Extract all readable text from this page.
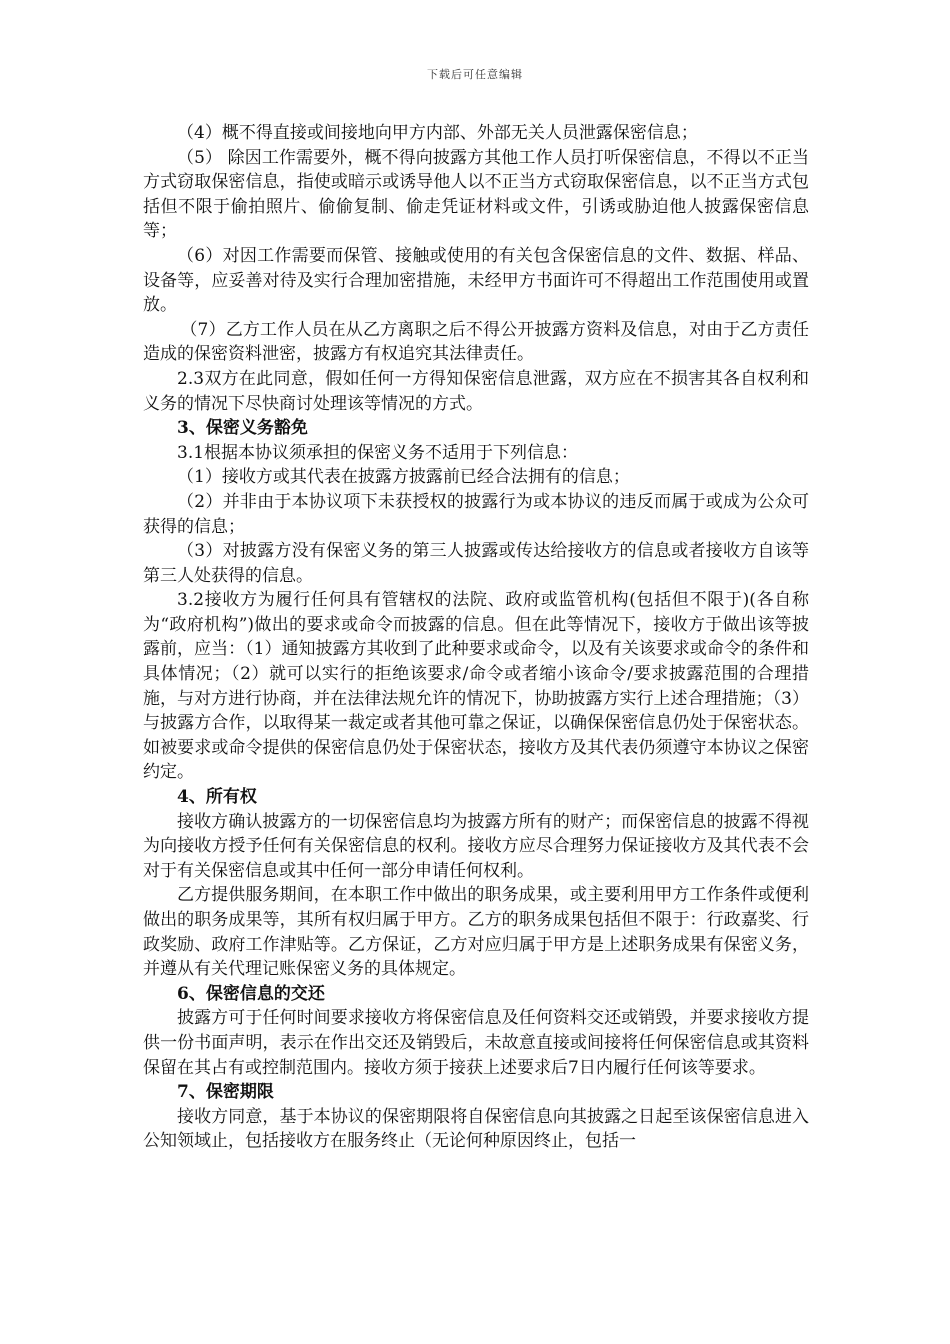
下载后可任意编辑

（4）概不得直接或间接地向甲方内部、外部无关人员泄露保密信息；

（5） 除因工作需要外，概不得向披露方其他工作人员打听保密信息，不得以不正当方式窃取保密信息，指使或暗示或诱导他人以不正当方式窃取保密信息，以不正当方式包括但不限于偷拍照片、偷偷复制、偷走凭证材料或文件，引诱或胁迫他人披露保密信息等；

（6）对因工作需要而保管、接触或使用的有关包含保密信息的文件、数据、样品、设备等，应妥善对待及实行合理加密措施，未经甲方书面许可不得超出工作范围使用或置放。

（7）乙方工作人员在从乙方离职之后不得公开披露方资料及信息，对由于乙方责任造成的保密资料泄密，披露方有权追究其法律责任。

2.3双方在此同意，假如任何一方得知保密信息泄露，双方应在不损害其各自权利和义务的情况下尽快商讨处理该等情况的方式。

3、保密义务豁免

3.1根据本协议须承担的保密义务不适用于下列信息：

（1）接收方或其代表在披露方披露前已经合法拥有的信息；

（2）并非由于本协议项下未获授权的披露行为或本协议的违反而属于或成为公众可获得的信息；

（3）对披露方没有保密义务的第三人披露或传达给接收方的信息或者接收方自该等第三人处获得的信息。

3.2接收方为履行任何具有管辖权的法院、政府或监管机构(包括但不限于)(各自称为“政府机构”)做出的要求或命令而披露的信息。但在此等情况下，接收方于做出该等披露前，应当：（1）通知披露方其收到了此种要求或命令，以及有关该要求或命令的条件和具体情况；（2）就可以实行的拒绝该要求/命令或者缩小该命令/要求披露范围的合理措施，与对方进行协商，并在法律法规允许的情况下，协助披露方实行上述合理措施；（3）与披露方合作，以取得某一裁定或者其他可靠之保证，以确保保密信息仍处于保密状态。如被要求或命令提供的保密信息仍处于保密状态，接收方及其代表仍须遵守本协议之保密约定。

4、所有权

接收方确认披露方的一切保密信息均为披露方所有的财产；而保密信息的披露不得视为向接收方授予任何有关保密信息的权利。接收方应尽合理努力保证接收方及其代表不会对于有关保密信息或其中任何一部分申请任何权利。

乙方提供服务期间，在本职工作中做出的职务成果，或主要利用甲方工作条件或便利做出的职务成果等，其所有权归属于甲方。乙方的职务成果包括但不限于：行政嘉奖、行政奖励、政府工作津贴等。乙方保证，乙方对应归属于甲方是上述职务成果有保密义务，并遵从有关代理记账保密义务的具体规定。

6、保密信息的交还

披露方可于任何时间要求接收方将保密信息及任何资料交还或销毁，并要求接收方提供一份书面声明，表示在作出交还及销毁后，未故意直接或间接将任何保密信息或其资料保留在其占有或控制范围内。接收方须于接获上述要求后7日内履行任何该等要求。

7、保密期限

接收方同意，基于本协议的保密期限将自保密信息向其披露之日起至该保密信息进入公知领域止，包括接收方在服务终止（无论何种原因终止，包括一
